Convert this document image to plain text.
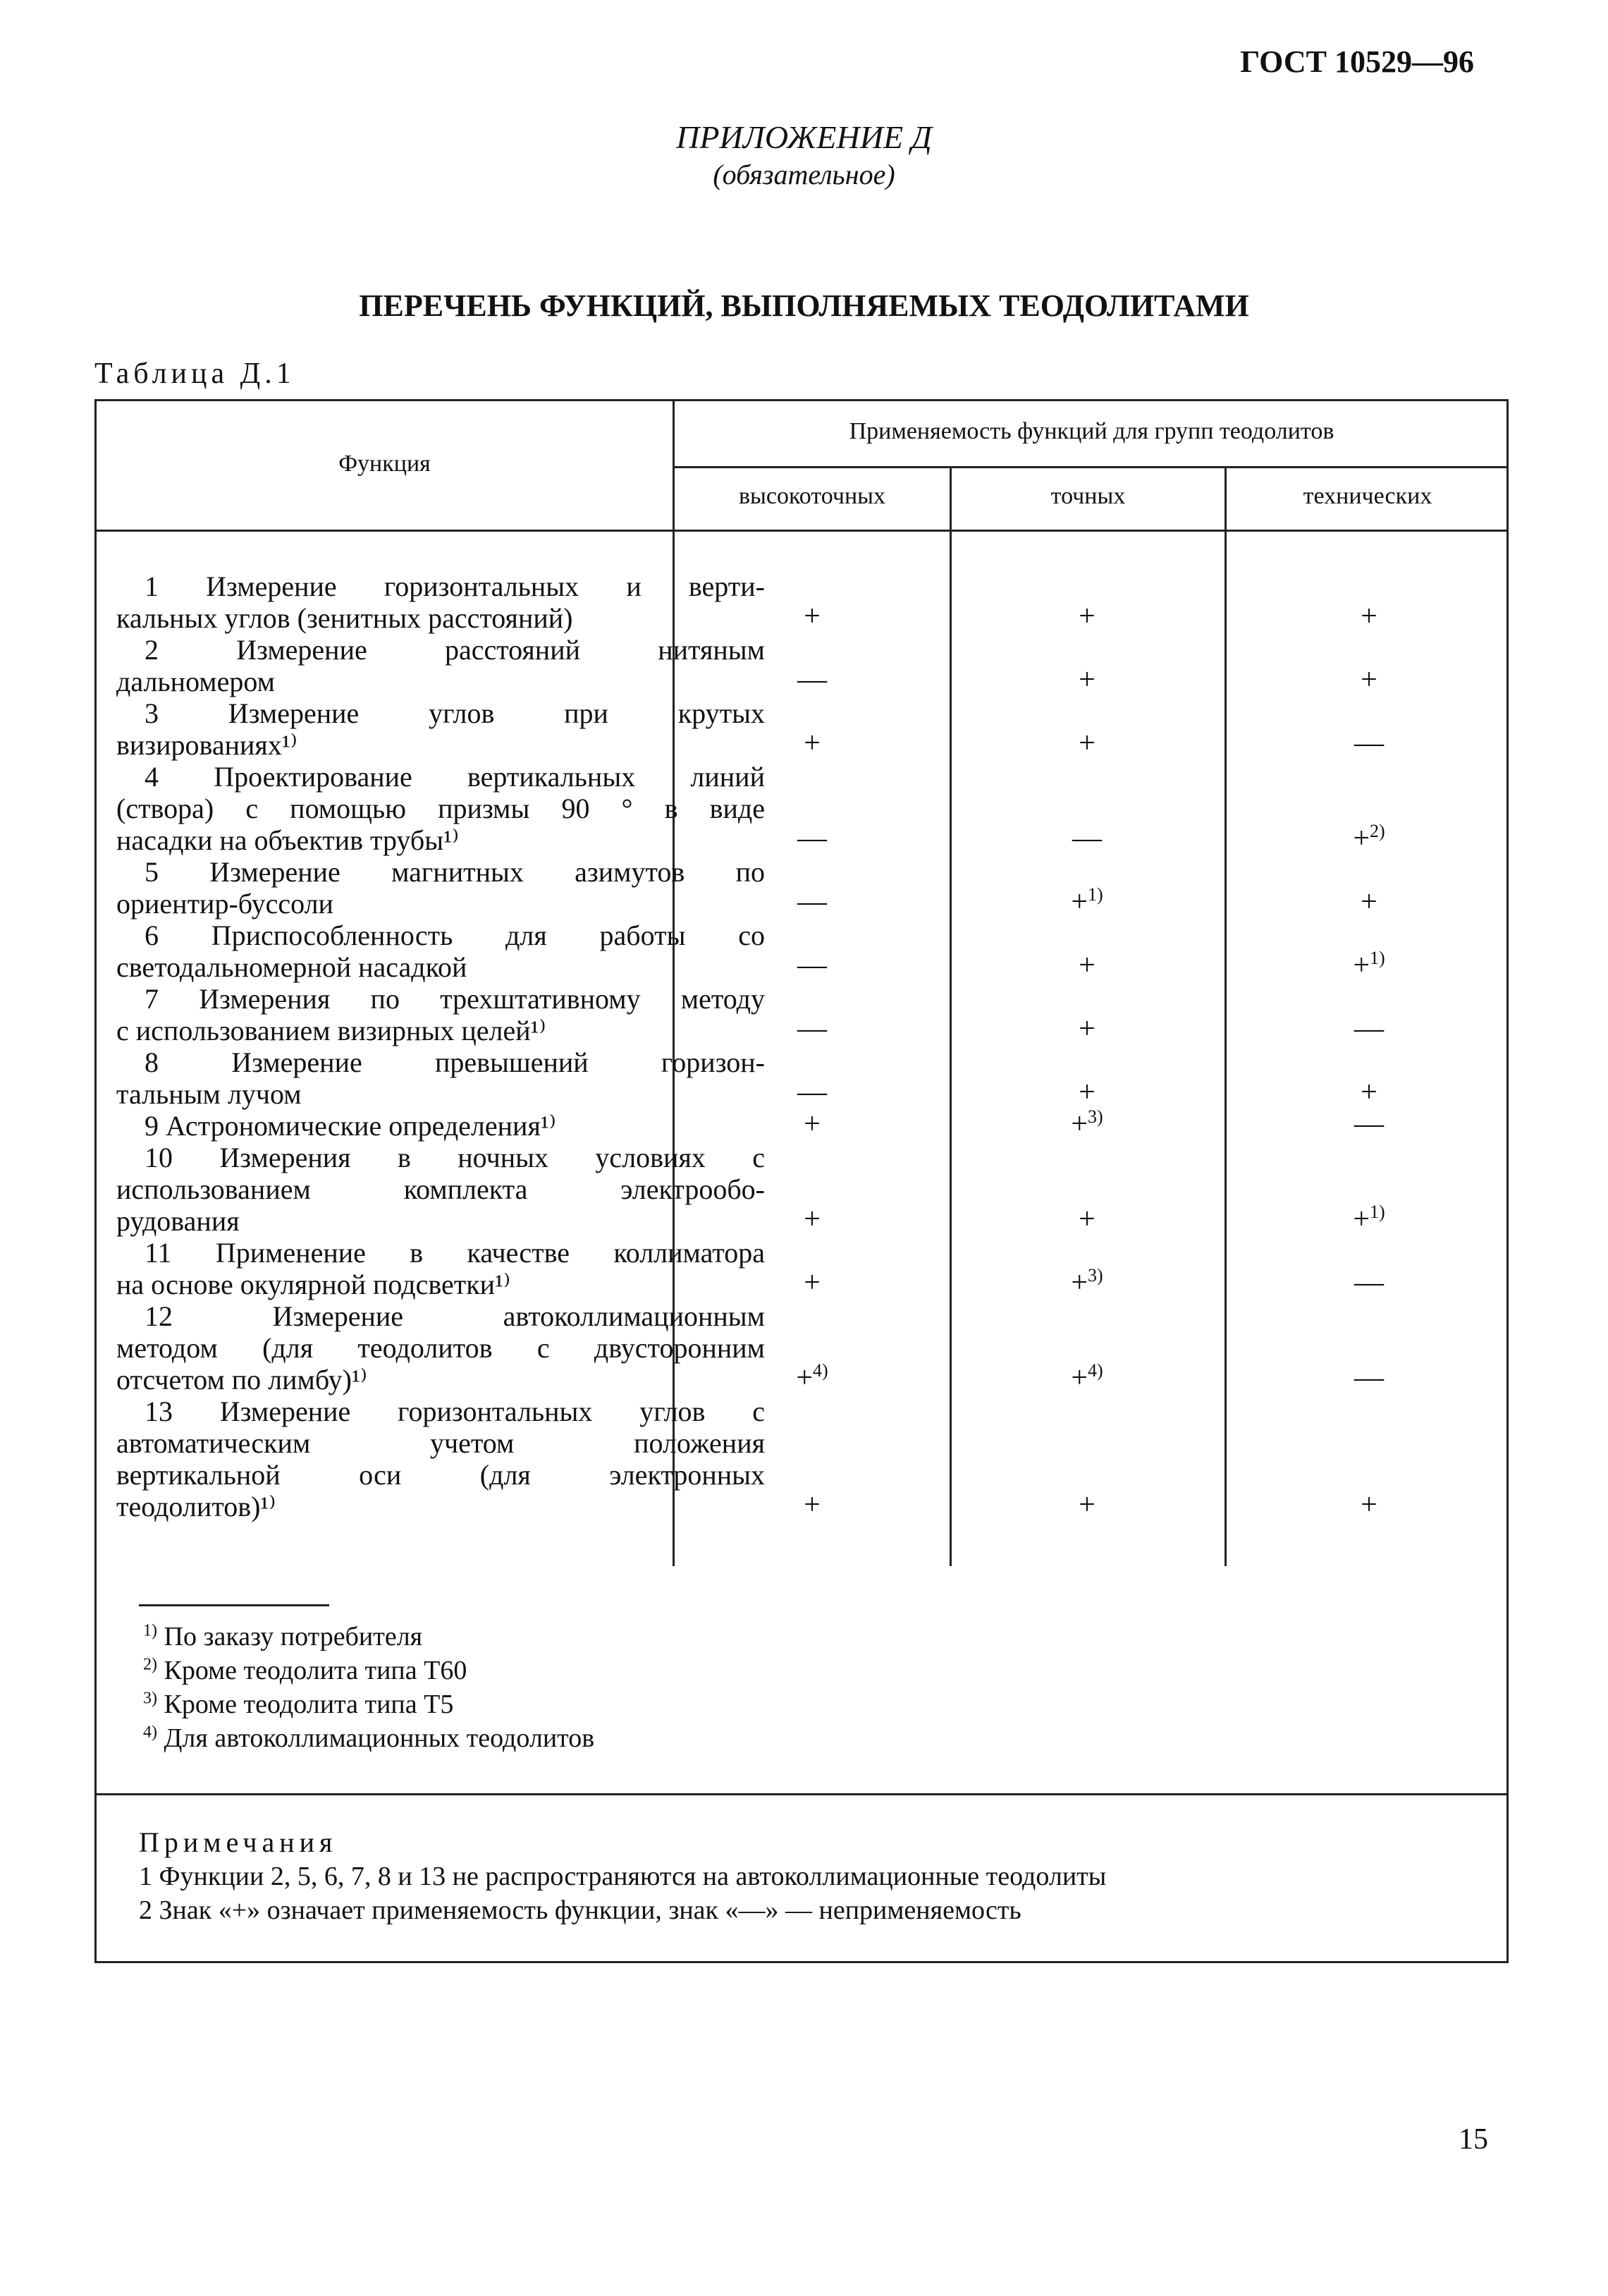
ГОСТ 10529—96
ПРИЛОЖЕНИЕ Д
(обязательное)
ПЕРЕЧЕНЬ ФУНКЦИЙ, ВЫПОЛНЯЕМЫХ ТЕОДОЛИТАМИ
Таблица Д.1
Функция
Применяемость функций для групп теодолитов
высокоточных	точных	технических
1 Измерение горизонтальных и верти-
кальных углов (зенитных расстояний)	+	+	+
2 Измерение расстояний нитяным
дальномером	—	+	+
3 Измерение углов при крутых
визированиях¹⁾	+	+	—
4 Проектирование вертикальных линий
(створа) с помощью призмы 90 ° в виде
насадки на объектив трубы¹⁾	—	—	+$^{2)}$
5 Измерение магнитных азимутов по
ориентир-буссоли	—	+$^{1)}$	+
6 Приспособленность для работы со
светодальномерной насадкой	—	+	+$^{1)}$
7 Измерения по трехштативному методу
с использованием визирных целей¹⁾	—	+	—
8 Измерение превышений горизон-
тальным лучом	—	+	+
9 Астрономические определения¹⁾	+	+$^{3)}$	—
10 Измерения в ночных условиях с
использованием комплекта электрообо-
рудования	+	+	+$^{1)}$
11 Применение в качестве коллиматора
на основе окулярной подсветки¹⁾	+	+$^{3)}$	—
12 Измерение автоколлимационным
методом (для теодолитов с двусторонним
отсчетом по лимбу)¹⁾	+$^{4)}$	+$^{4)}$	—
13 Измерение горизонтальных углов с
автоматическим учетом положения
вертикальной оси (для электронных
теодолитов)¹⁾	+	+	+
$^{1)}$ По заказу потребителя
$^{2)}$ Кроме теодолита типа Т60
$^{3)}$ Кроме теодолита типа Т5
$^{4)}$ Для автоколлимационных теодолитов
Примечания
1 Функции 2, 5, 6, 7, 8 и 13 не распространяются на автоколлимационные теодолиты
2 Знак «+» означает применяемость функции, знак «—» — неприменяемость
15
